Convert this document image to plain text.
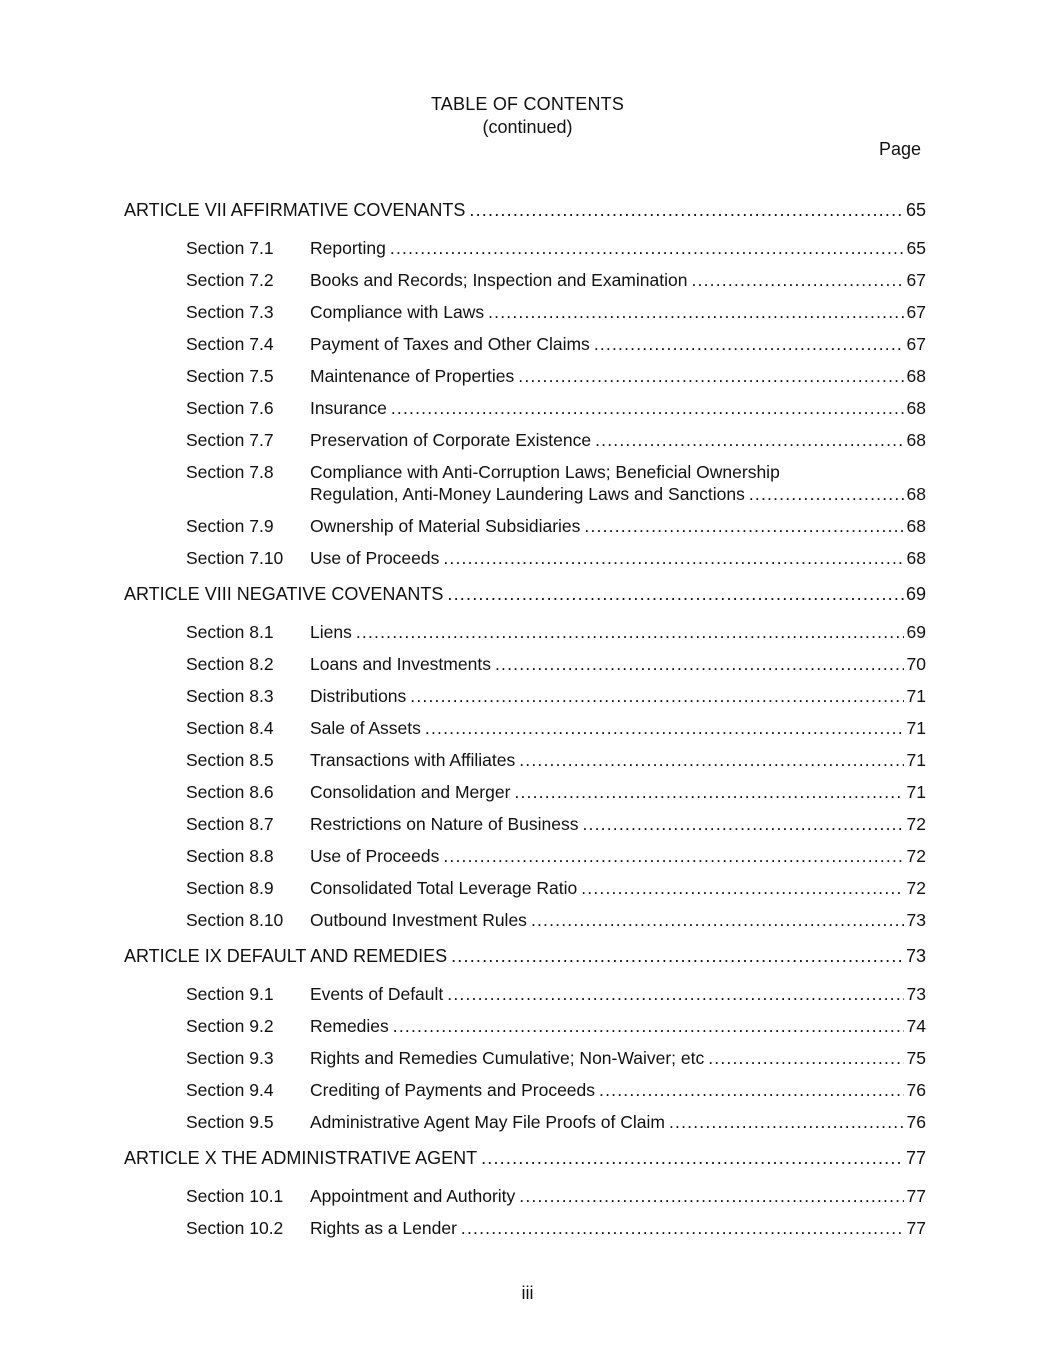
TABLE OF CONTENTS
(continued)
Page
ARTICLE VII AFFIRMATIVE COVENANTS .....	65
Section 7.1	Reporting .....	65
Section 7.2	Books and Records; Inspection and Examination .....	67
Section 7.3	Compliance with Laws .....	67
Section 7.4	Payment of Taxes and Other Claims .....	67
Section 7.5	Maintenance of Properties .....	68
Section 7.6	Insurance .....	68
Section 7.7	Preservation of Corporate Existence .....	68
Section 7.8	Compliance with Anti-Corruption Laws; Beneficial Ownership
Regulation, Anti-Money Laundering Laws and Sanctions .....	68
Section 7.9	Ownership of Material Subsidiaries .....	68
Section 7.10	Use of Proceeds .....	68
ARTICLE VIII NEGATIVE COVENANTS .....	69
Section 8.1	Liens .....	69
Section 8.2	Loans and Investments .....	70
Section 8.3	Distributions .....	71
Section 8.4	Sale of Assets .....	71
Section 8.5	Transactions with Affiliates .....	71
Section 8.6	Consolidation and Merger .....	71
Section 8.7	Restrictions on Nature of Business .....	72
Section 8.8	Use of Proceeds .....	72
Section 8.9	Consolidated Total Leverage Ratio .....	72
Section 8.10	Outbound Investment Rules .....	73
ARTICLE IX DEFAULT AND REMEDIES .....	73
Section 9.1	Events of Default .....	73
Section 9.2	Remedies .....	74
Section 9.3	Rights and Remedies Cumulative; Non-Waiver; etc .....	75
Section 9.4	Crediting of Payments and Proceeds .....	76
Section 9.5	Administrative Agent May File Proofs of Claim .....	76
ARTICLE X THE ADMINISTRATIVE AGENT .....	77
Section 10.1	Appointment and Authority .....	77
Section 10.2	Rights as a Lender .....	77
iii
